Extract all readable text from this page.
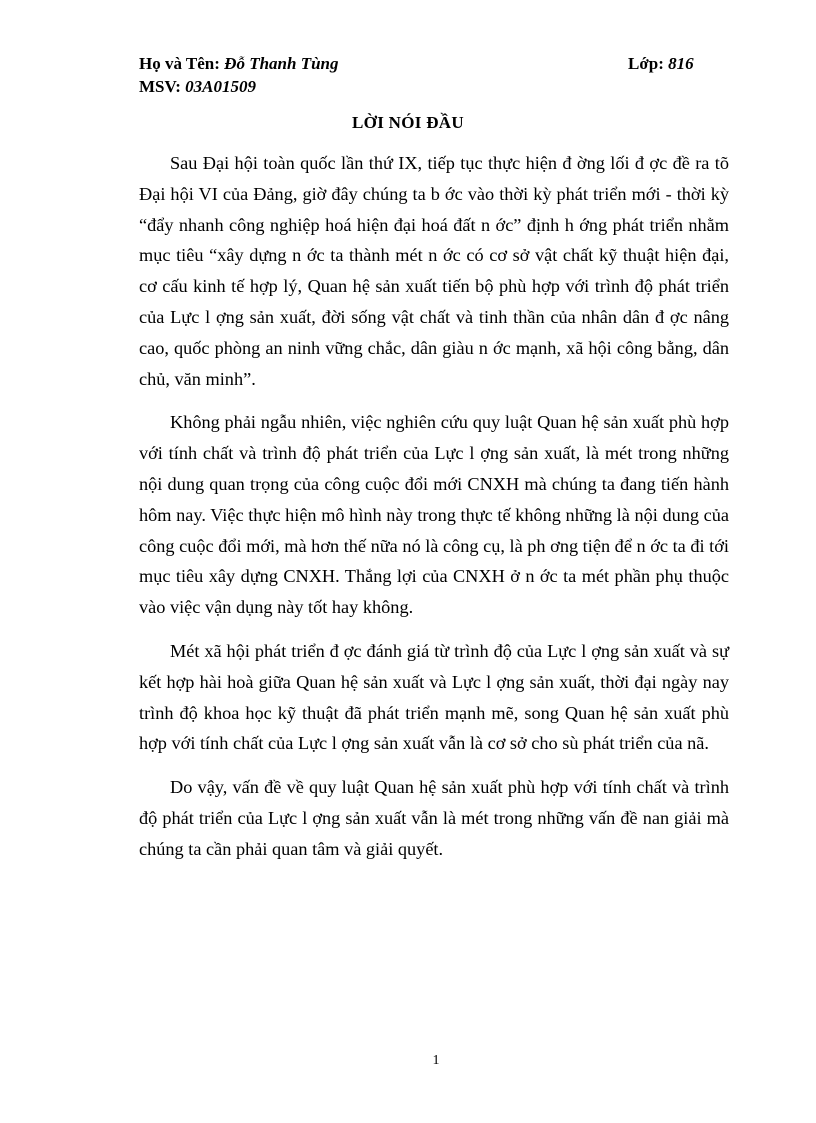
Họ và Tên: Đỗ Thanh Tùng	Lớp: 816
MSV: 03A01509
LỜI NÓI ĐẦU

Sau Đại hội toàn quốc lần thứ IX, tiếp tục thực hiện đ ờng lối đ ợc đề ra tõ Đại hội VI của Đảng, giờ đây chúng ta b ớc vào thời kỳ phát triển mới - thời kỳ “đẩy nhanh công nghiệp hoá hiện đại hoá đất n ớc” định h ớng phát triển nhằm mục tiêu “xây dựng n ớc ta thành mét n ớc có cơ sở vật chất kỹ thuật hiện đại, cơ cấu kinh tế hợp lý, Quan hệ sản xuất tiến bộ phù hợp với trình độ phát triển của Lực l ợng sản xuất, đời sống vật chất và tinh thần của nhân dân đ ợc nâng cao, quốc phòng an ninh vững chắc, dân giàu n ớc mạnh, xã hội công bằng, dân chủ, văn minh”.

Không phải ngẫu nhiên, việc nghiên cứu quy luật Quan hệ sản xuất phù hợp với tính chất và trình độ phát triển của Lực l ợng sản xuất, là mét trong những nội dung quan trọng của công cuộc đổi mới CNXH mà chúng ta đang tiến hành hôm nay. Việc thực hiện mô hình này trong thực tế không những là nội dung của công cuộc đổi mới, mà hơn thế nữa nó là công cụ, là ph ơng tiện để n ớc ta đi tới mục tiêu xây dựng CNXH. Thắng lợi của CNXH ở n ớc ta mét phần phụ thuộc vào việc vận dụng này tốt hay không.

Mét xã hội phát triển đ ợc đánh giá từ trình độ của Lực l ợng sản xuất và sự kết hợp hài hoà giữa Quan hệ sản xuất và Lực l ợng sản xuất, thời đại ngày nay trình độ khoa học kỹ thuật đã phát triển mạnh mẽ, song Quan hệ sản xuất phù hợp với tính chất của Lực l ợng sản xuất vẫn là cơ sở cho sù phát triển của nã.

Do vậy, vấn đề về quy luật Quan hệ sản xuất phù hợp với tính chất và trình độ phát triển của Lực l ợng sản xuất vẫn là mét trong những vấn đề nan giải mà chúng ta cần phải quan tâm và giải quyết.

1
